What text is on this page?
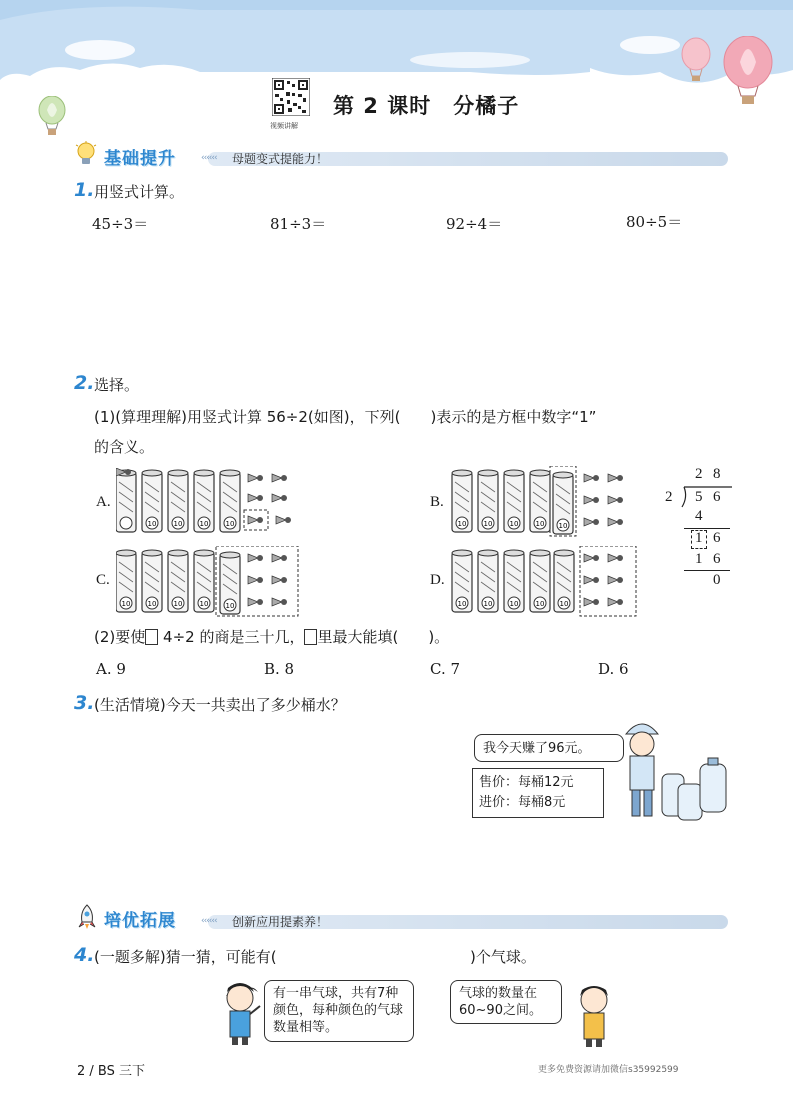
视频讲解
第 2 课时　分橘子
基础提升	‹‹‹‹‹‹ 母题变式提能力！
1. 用竖式计算。
45÷3＝	81÷3＝	92÷4＝	80÷5＝
2. 选择。
(1)(算理理解)用竖式计算 56÷2(如图)，下列(　　)表示的是方框中数字“1”
的含义。
A.	B.
C.	D.
10 10 10 10	10 10 10 10 10
10 10 10 10 10	10 10 10 10 10
2 8
2 5 6
4
1 6
1 6
0
(2)要使 4÷2 的商是三十几， 里最大能填(　　)。
A. 9	B. 8	C. 7	D. 6
3. (生活情境)今天一共卖出了多少桶水？
我今天赚了96元。
售价：每桶12元
进价：每桶8元
培优拓展	‹‹‹‹‹‹ 创新应用提素养！
4. (一题多解)猜一猜，可能有(	)个气球。
有一串气球，共有7种颜色，每种颜色的气球数量相等。
气球的数量在60~90之间。
2 / BS 三下	更多免费资源请加微信s35992599
